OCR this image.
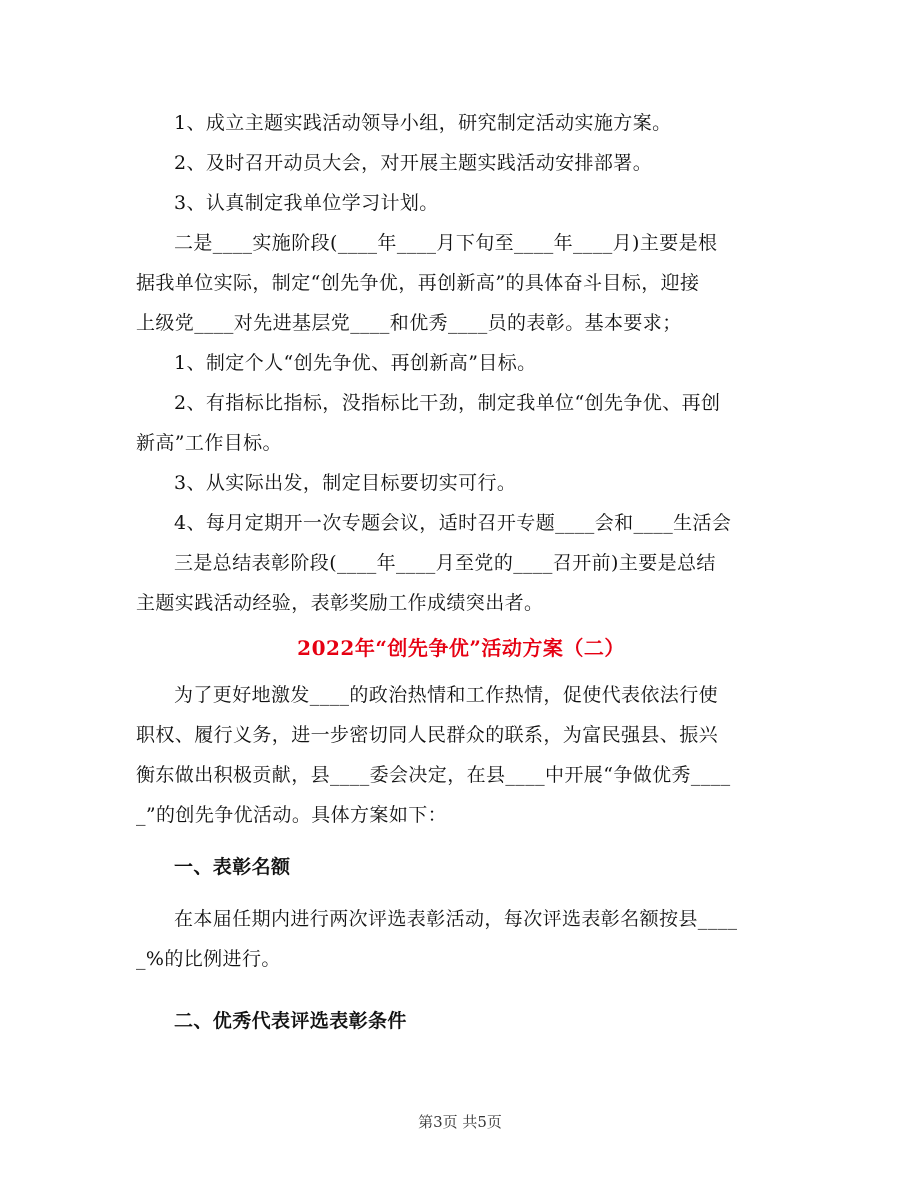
1、成立主题实践活动领导小组，研究制定活动实施方案。

2、及时召开动员大会，对开展主题实践活动安排部署。

3、认真制定我单位学习计划。

二是____实施阶段(____年____月下旬至____年____月)主要是根
据我单位实际，制定“创先争优，再创新高”的具体奋斗目标，迎接
上级党____对先进基层党____和优秀____员的表彰。基本要求；

1、制定个人“创先争优、再创新高”目标。

2、有指标比指标，没指标比干劲，制定我单位“创先争优、再创
新高”工作目标。

3、从实际出发，制定目标要切实可行。

4、每月定期开一次专题会议，适时召开专题____会和____生活会

三是总结表彰阶段(____年____月至党的____召开前)主要是总结
主题实践活动经验，表彰奖励工作成绩突出者。

2022年“创先争优”活动方案（二）

为了更好地激发____的政治热情和工作热情，促使代表依法行使
职权、履行义务，进一步密切同人民群众的联系，为富民强县、振兴
衡东做出积极贡献，县____委会决定，在县____中开展“争做优秀____
_”的创先争优活动。具体方案如下：

一、表彰名额

在本届任期内进行两次评选表彰活动，每次评选表彰名额按县____
_%的比例进行。

二、优秀代表评选表彰条件
第3页 共5页
